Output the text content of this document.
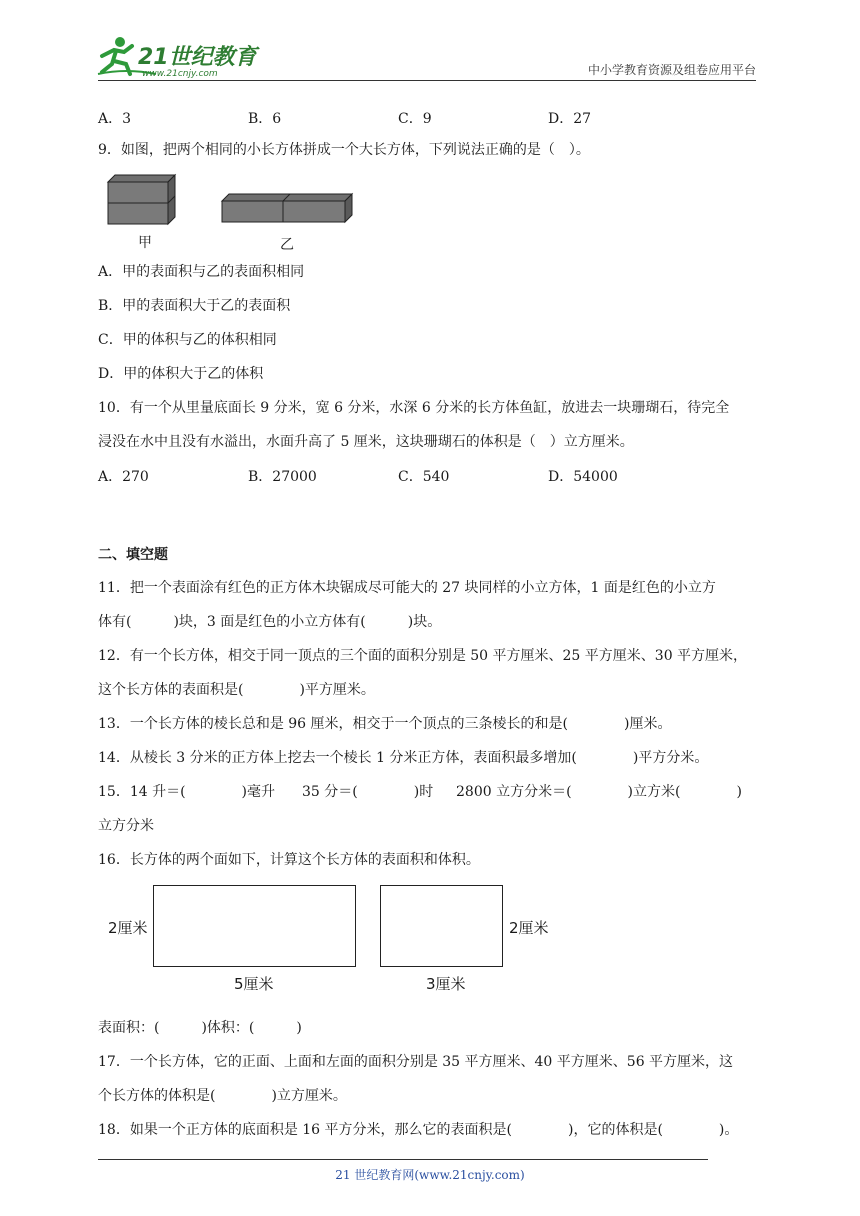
21世纪教育
www.21cnjy.com	中小学教育资源及组卷应用平台
A．3	B．6	C．9	D．27
9．如图，把两个相同的小长方体拼成一个大长方体，下列说法正确的是（　）。
甲	乙
A．甲的表面积与乙的表面积相同
B．甲的表面积大于乙的表面积
C．甲的体积与乙的体积相同
D．甲的体积大于乙的体积
10．有一个从里量底面长 9 分米，宽 6 分米，水深 6 分米的长方体鱼缸，放进去一块珊瑚石，待完全
浸没在水中且没有水溢出，水面升高了 5 厘米，这块珊瑚石的体积是（　）立方厘米。
A．270	B．27000	C．540	D．54000
二、填空题
11．把一个表面涂有红色的正方体木块锯成尽可能大的 27 块同样的小立方体，1 面是红色的小立方
体有(　　　)块，3 面是红色的小立方体有(　　　)块。
12．有一个长方体，相交于同一顶点的三个面的面积分别是 50 平方厘米、25 平方厘米、30 平方厘米，
这个长方体的表面积是(　　　　)平方厘米。
13．一个长方体的棱长总和是 96 厘米，相交于一个顶点的三条棱长的和是(　　　　)厘米。
14．从棱长 3 分米的正方体上挖去一个棱长 1 分米正方体，表面积最多增加(　　　　)平方分米。
15．14 升＝(　　　　)毫升 35 分＝(　　　　)时 2800 立方分米＝(　　　　)立方米(　　　　)
立方分米
16．长方体的两个面如下，计算这个长方体的表面积和体积。
2厘米
5厘米
2厘米
3厘米
表面积：(　　　)体积：(　　　)
17．一个长方体，它的正面、上面和左面的面积分别是 35 平方厘米、40 平方厘米、56 平方厘米，这
个长方体的体积是(　　　　)立方厘米。
18．如果一个正方体的底面积是 16 平方分米，那么它的表面积是(　　　　)，它的体积是(　　　　)。
21 世纪教育网(www.21cnjy.com)
